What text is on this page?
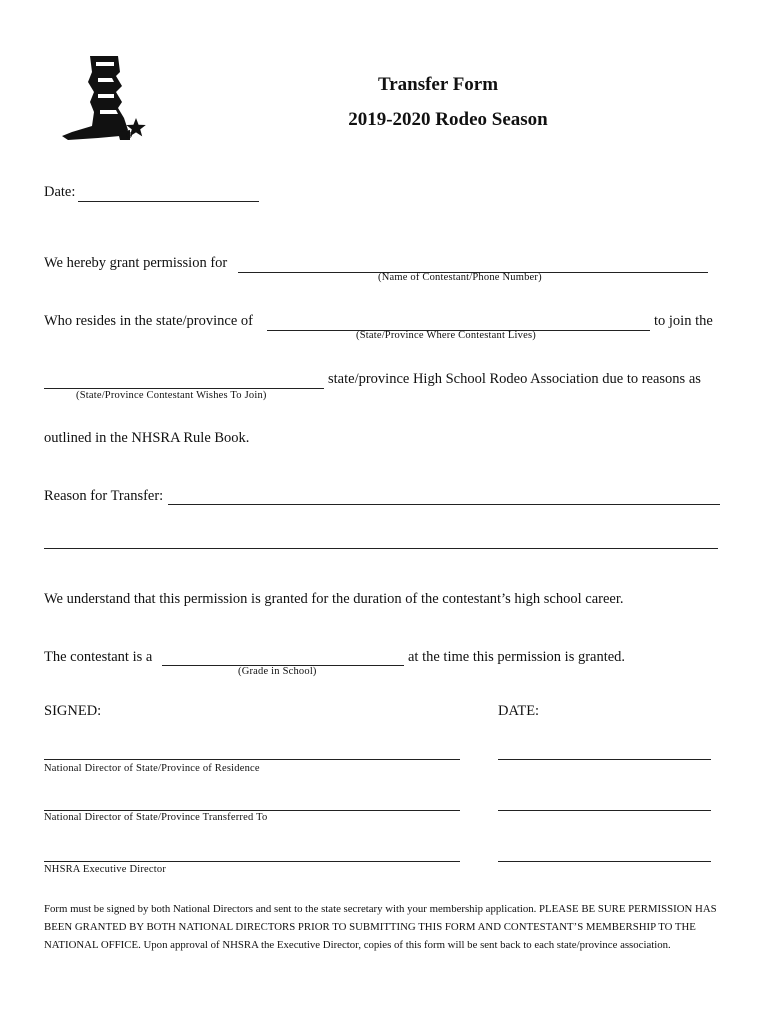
Transfer Form
2019-2020 Rodeo Season
Date:
We hereby grant permission for
(Name of Contestant/Phone Number)
Who resides in the state/province of	to join the
(State/Province Where Contestant Lives)
state/province High School Rodeo Association due to reasons as
(State/Province Contestant Wishes To Join)
outlined in the NHSRA Rule Book.
Reason for Transfer:
We understand that this permission is granted for the duration of the contestant’s high school career.
The contestant is a	at the time this permission is granted.
(Grade in School)
SIGNED:	DATE:
National Director of State/Province of Residence
National Director of State/Province Transferred To
NHSRA Executive Director
Form must be signed by both National Directors and sent to the state secretary with your membership application. PLEASE BE SURE PERMISSION HAS BEEN GRANTED BY BOTH NATIONAL DIRECTORS PRIOR TO SUBMITTING THIS FORM AND CONTESTANT’S MEMBERSHIP TO THE NATIONAL OFFICE. Upon approval of NHSRA the Executive Director, copies of this form will be sent back to each state/province association.
